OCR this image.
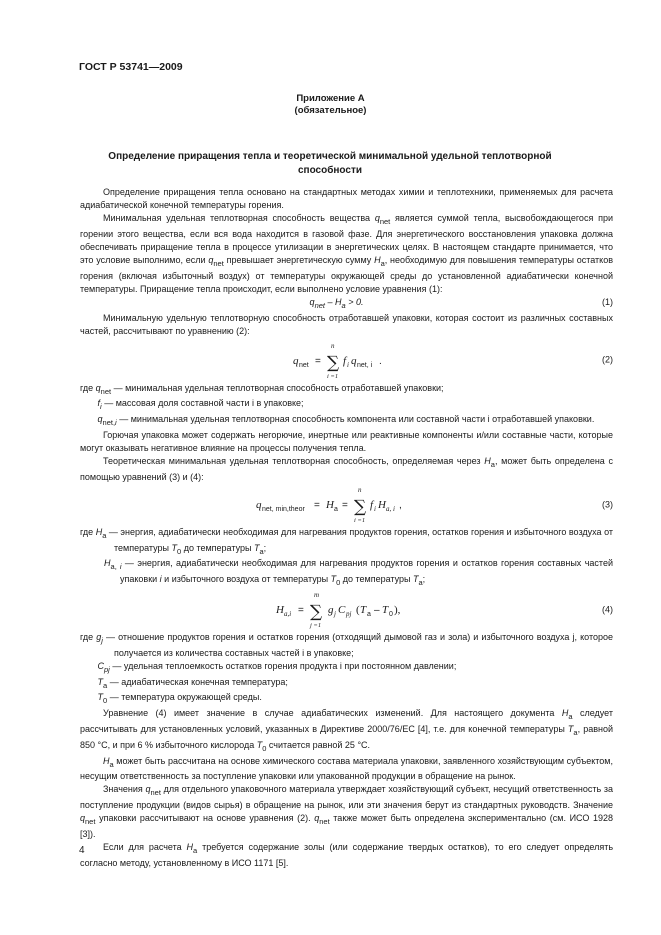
ГОСТ Р 53741—2009
Приложение А
(обязательное)
Определение приращения тепла и теоретической минимальной удельной теплотворной способности

Определение приращения тепла основано на стандартных методах химии и теплотехники, применяемых для расчета адиабатической конечной температуры горения.

Минимальная удельная теплотворная способность вещества $q_{net}$ является суммой тепла, высвобождающегося при горении этого вещества, если вся вода находится в газовой фазе. Для энергетического восстановления упаковка должна обеспечивать приращение тепла в процессе утилизации в энергетических целях. В настоящем стандарте принимается, что это условие выполнимо, если $q_{net}$ превышает энергетическую сумму $H_a$, необходимую для повышения температуры остатков горения (включая избыточный воздух) от температуры окружающей среды до установленной адиабатически конечной температуры. Приращение тепла происходит, если выполнено условие уравнения (1):

$q_{net} - H_a > 0$.	(1)

Минимальную удельную теплотворную способность отработавшей упаковки, которая состоит из различных составных частей, рассчитывают по уравнению (2):

q net =
n
∑
i =1
f i q net, i .	(2)

где $q_{net}$ — минимальная удельная теплотворная способность отработавшей упаковки;

$f_i$ — массовая доля составной части i в упаковке;

$q_{net,i}$ — минимальная удельная теплотворная способность компонента или составной части i отработавшей упаковки.

Горючая упаковка может содержать негорючие, инертные или реактивные компоненты и/или составные части, которые могут оказывать негативное влияние на процессы получения тепла.

Теоретическая минимальная удельная теплотворная способность, определяемая через $H_a$, может быть определена с помощью уравнений (3) и (4):

q net, min,theor = H a =
n
∑
i =1
f i H a, i ,	(3)

где $H_a$ — энергия, адиабатически необходимая для нагревания продуктов горения, остатков горения и избыточного воздуха от температуры $T_0$ до температуры $T_a$;

$H_{a, i}$ — энергия, адиабатически необходимая для нагревания продуктов горения и остатков горения составных частей упаковки i и избыточного воздуха от температуры $T_0$ до температуры $T_a$;

H a,i =
m
∑
j =1
g j C pj ( T a – T 0 ),	(4)

где $g_j$ — отношение продуктов горения и остатков горения (отходящий дымовой газ и зола) и избыточного воздуха j, которое получается из количества составных частей i в упаковке;

$C_{pj}$ — удельная теплоемкость остатков горения продукта i при постоянном давлении;

$T_a$ — адиабатическая конечная температура;

$T_0$ — температура окружающей среды.

Уравнение (4) имеет значение в случае адиабатических изменений. Для настоящего документа $H_a$ следует рассчитывать для установленных условий, указанных в Директиве 2000/76/ЕС [4], т.е. для конечной температуры $T_a$, равной 850 °С, и при 6 % избыточного кислорода $T_0$ считается равной 25 °С.

$H_a$ может быть рассчитана на основе химического состава материала упаковки, заявленного хозяйствующим субъектом, несущим ответственность за поступление упаковки или упакованной продукции в обращение на рынок.

Значения $q_{net}$ для отдельного упаковочного материала утверждает хозяйствующий субъект, несущий ответственность за поступление продукции (видов сырья) в обращение на рынок, или эти значения берут из стандартных руководств. Значение $q_{net}$ упаковки рассчитывают на основе уравнения (2). $q_{net}$ также может быть определена экспериментально (см. ИСО 1928 [3]).

Если для расчета $H_a$ требуется содержание золы (или содержание твердых остатков), то его следует определять согласно методу, установленному в ИСО 1171 [5].

4
